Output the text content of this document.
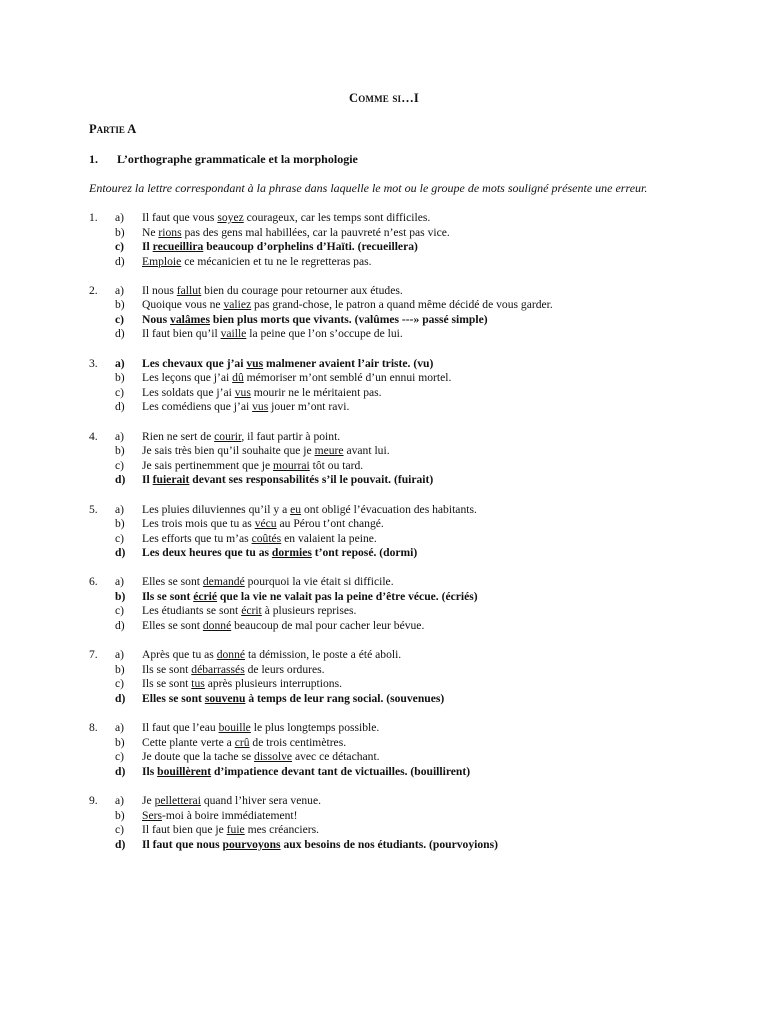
Comme si…I
Partie A
1.	L’orthographe grammaticale et la morphologie
Entourez la lettre correspondant à la phrase dans laquelle le mot ou le groupe de mots souligné présente une erreur.
1.	a)	Il faut que vous soyez courageux, car les temps sont difficiles.
b)	Ne rions pas des gens mal habillées, car la pauvreté n’est pas vice.
c)	Il recueillira beaucoup d’orphelins d’Haïti. (recueillera)
d)	Emploie ce mécanicien et tu ne le regretteras pas.
2.	a)	Il nous fallut bien du courage pour retourner aux études.
b)	Quoique vous ne valiez pas grand-chose, le patron a quand même décidé de vous garder.
c)	Nous valâmes bien plus morts que vivants. (valûmes ---» passé simple)
d)	Il faut bien qu’il vaille la peine que l’on s’occupe de lui.
3.	a)	Les chevaux que j’ai vus malmener avaient l’air triste. (vu)
b)	Les leçons que j’ai dû mémoriser m’ont semblé d’un ennui mortel.
c)	Les soldats que j’ai vus mourir ne le méritaient pas.
d)	Les comédiens que j’ai vus jouer m’ont ravi.
4.	a)	Rien ne sert de courir, il faut partir à point.
b)	Je sais très bien qu’il souhaite que je meure avant lui.
c)	Je sais pertinemment que je mourrai tôt ou tard.
d)	Il fuierait devant ses responsabilités s’il le pouvait. (fuirait)
5.	a)	Les pluies diluviennes qu’il y a eu ont obligé l’évacuation des habitants.
b)	Les trois mois que tu as vécu au Pérou t’ont changé.
c)	Les efforts que tu m’as coûtés en valaient la peine.
d)	Les deux heures que tu as dormies t’ont reposé. (dormi)
6.	a)	Elles se sont demandé pourquoi la vie était si difficile.
b)	Ils se sont écrié que la vie ne valait pas la peine d’être vécue. (écriés)
c)	Les étudiants se sont écrit à plusieurs reprises.
d)	Elles se sont donné beaucoup de mal pour cacher leur bévue.
7.	a)	Après que tu as donné ta démission, le poste a été aboli.
b)	Ils se sont débarrassés de leurs ordures.
c)	Ils se sont tus après plusieurs interruptions.
d)	Elles se sont souvenu à temps de leur rang social. (souvenues)
8.	a)	Il faut que l’eau bouille le plus longtemps possible.
b)	Cette plante verte a crû de trois centimètres.
c)	Je doute que la tache se dissolve avec ce détachant.
d)	Ils bouillèrent d’impatience devant tant de victuailles. (bouillirent)
9.	a)	Je pelletterai quand l’hiver sera venue.
b)	Sers-moi à boire immédiatement!
c)	Il faut bien que je fuie mes créanciers.
d)	Il faut que nous pourvoyons aux besoins de nos étudiants. (pourvoyions)
